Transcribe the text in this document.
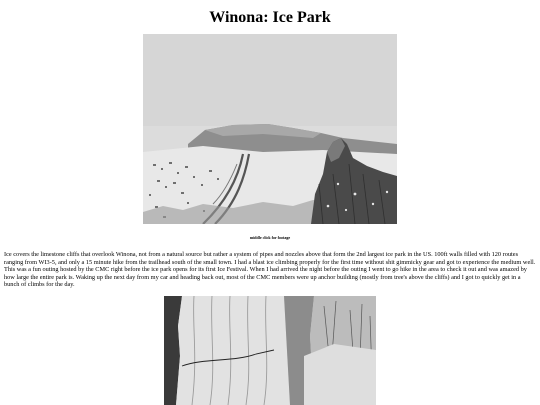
Winona: Ice Park
middle click for footage

Ice covers the limestone cliffs that overlook Winona, not from a natural source but rather a system of pipes and nozzles above that form the 2nd largest ice park in the US. 100ft walls filled with 120 routes ranging from WI3-5, and only a 15 minute hike from the trailhead south of the small town. I had a blast ice climbing properly for the first time without shit gimmicky gear and got to experience the medium well. This was a fun outing hosted by the CMC right before the ice park opens for its first Ice Festival. When I had arrived the night before the outing I went to go hike in the area to check it out and was amazed by how large the entire park is. Waking up the next day from my car and heading back out, most of the CMC members were up anchor building (mostly from tree's above the cliffs) and I got to quickly get in a bunch of climbs for the day.
